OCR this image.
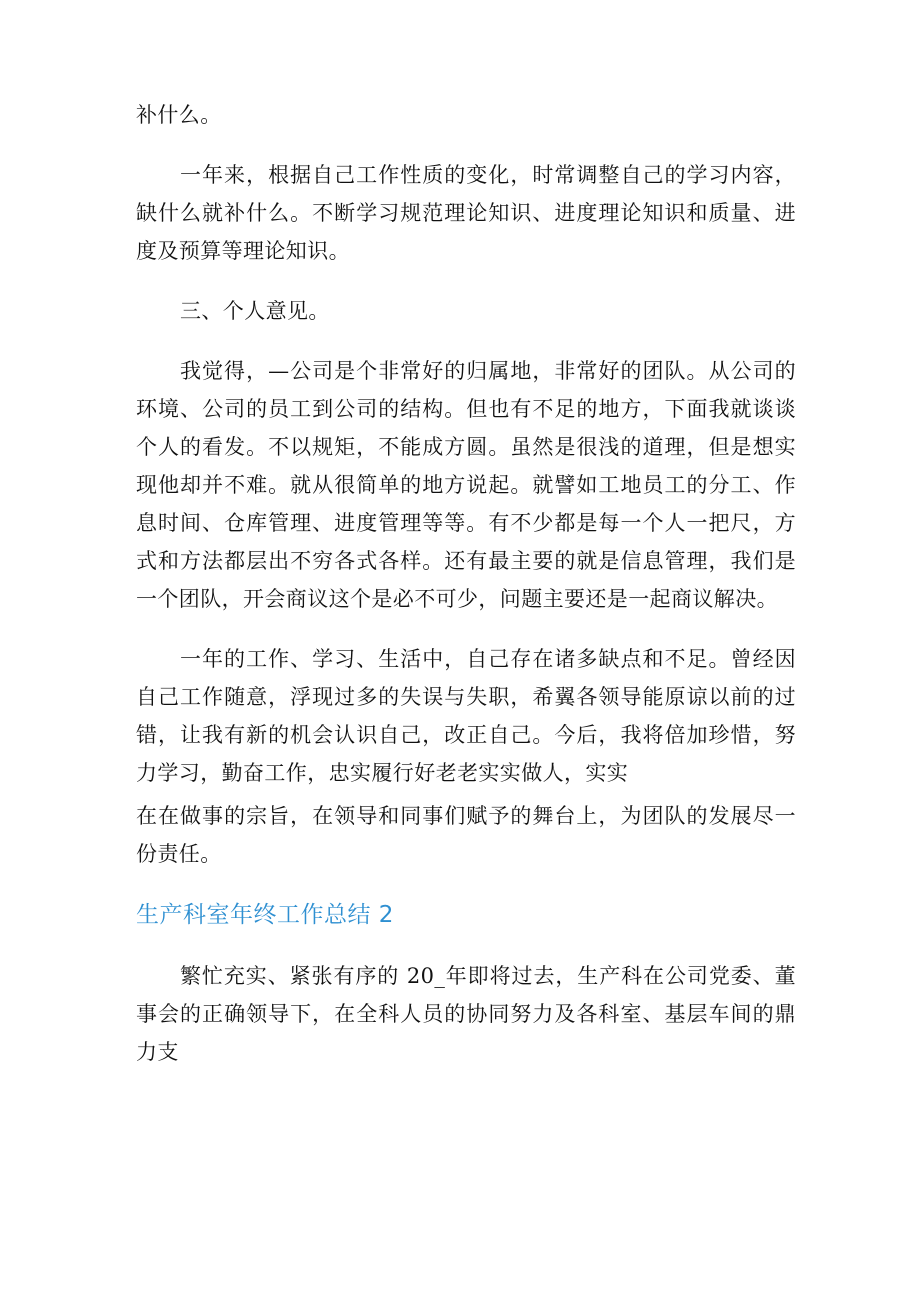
补什么。

一年来，根据自己工作性质的变化，时常调整自己的学习内容，缺什么就补什么。不断学习规范理论知识、进度理论知识和质量、进度及预算等理论知识。

三、个人意见。

我觉得，—公司是个非常好的归属地，非常好的团队。从公司的环境、公司的员工到公司的结构。但也有不足的地方，下面我就谈谈个人的看发。不以规矩，不能成方圆。虽然是很浅的道理，但是想实现他却并不难。就从很简单的地方说起。就譬如工地员工的分工、作息时间、仓库管理、进度管理等等。有不少都是每一个人一把尺，方式和方法都层出不穷各式各样。还有最主要的就是信息管理，我们是一个团队，开会商议这个是必不可少，问题主要还是一起商议解决。

一年的工作、学习、生活中，自己存在诸多缺点和不足。曾经因自己工作随意，浮现过多的失误与失职，希翼各领导能原谅以前的过错，让我有新的机会认识自己，改正自己。今后，我将倍加珍惜，努力学习，勤奋工作，忠实履行好老老实实做人，实实

在在做事的宗旨，在领导和同事们赋予的舞台上，为团队的发展尽一份责任。

生产科室年终工作总结 2

繁忙充实、紧张有序的 20_年即将过去，生产科在公司党委、董事会的正确领导下，在全科人员的协同努力及各科室、基层车间的鼎力支
